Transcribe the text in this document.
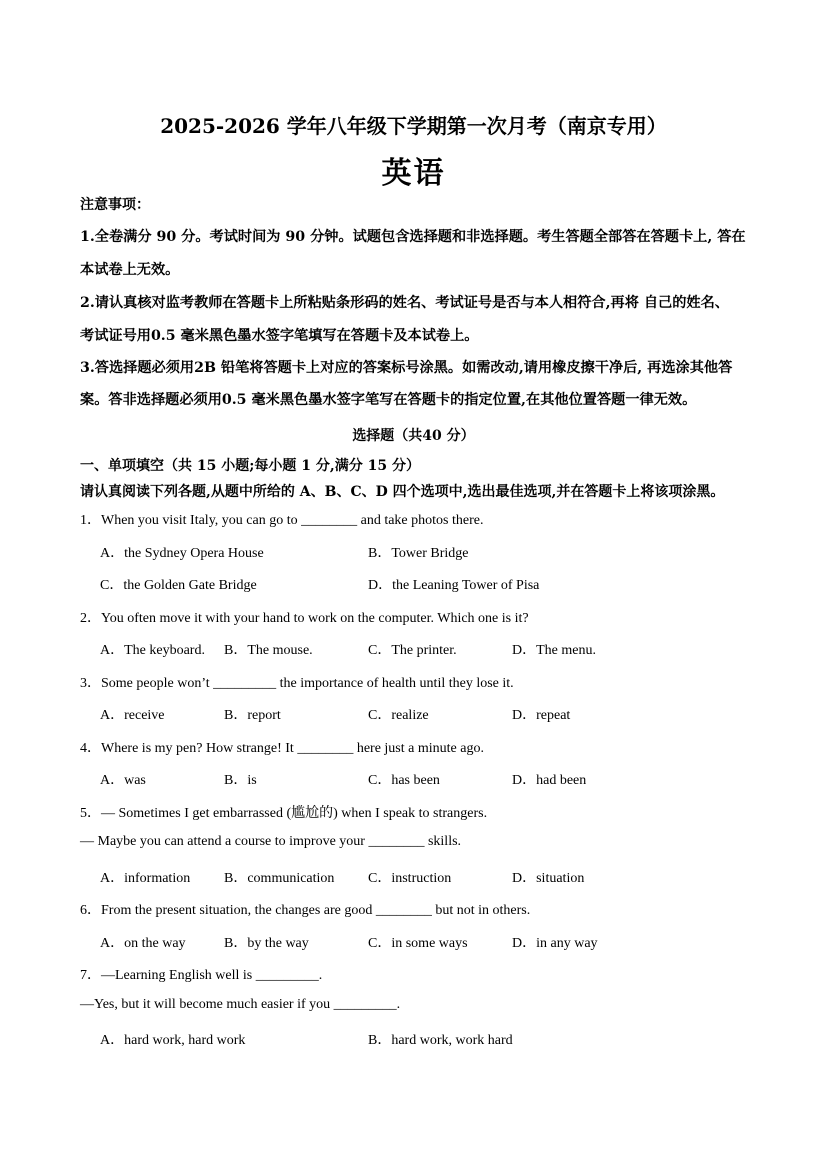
2025-2026 学年八年级下学期第一次月考（南京专用）
英语
注意事项：
1.全卷满分 90 分。考试时间为 90 分钟。试题包含选择题和非选择题。考生答题全部答在答题卡上, 答在
本试卷上无效。
2.请认真核对监考教师在答题卡上所粘贴条形码的姓名、考试证号是否与本人相符合,再将 自己的姓名、
考试证号用0.5 毫米黑色墨水签字笔填写在答题卡及本试卷上。
3.答选择题必须用2B 铅笔将答题卡上对应的答案标号涂黑。如需改动,请用橡皮擦干净后, 再选涂其他答
案。答非选择题必须用0.5 毫米黑色墨水签字笔写在答题卡的指定位置,在其他位置答题一律无效。
选择题（共40 分）
一、单项填空（共 15 小题;每小题 1 分,满分 15 分）
请认真阅读下列各题,从题中所给的 A、B、C、D 四个选项中,选出最佳选项,并在答题卡上将该项涂黑。
1．When you visit Italy, you can go to ________ and take photos there.
A．the Sydney Opera House	B．Tower Bridge
C．the Golden Gate Bridge	D．the Leaning Tower of Pisa
2．You often move it with your hand to work on the computer. Which one is it?
A．The keyboard. B．The mouse.	C．The printer.	D．The menu.
3．Some people won’t _________ the importance of health until they lose it.
A．receive	B．report	C．realize	D．repeat
4．Where is my pen? How strange! It ________ here just a minute ago.
A．was	B．is	C．has been	D．had been
5．— Sometimes I get embarrassed (尴尬的) when I speak to strangers.
— Maybe you can attend a course to improve your ________ skills.
A．information B．communication C．instruction	D．situation
6．From the present situation, the changes are good ________ but not in others.
A．on the way	B．by the way	C．in some ways	D．in any way
7．—Learning English well is _________.
—Yes, but it will become much easier if you _________.
A．hard work, hard work	B．hard work, work hard
